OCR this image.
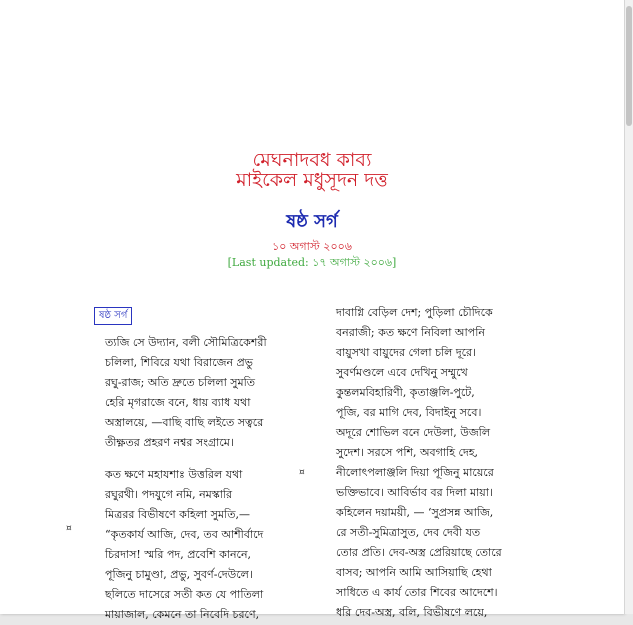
মেঘনাদবধ কাব্য
মাইকেল মধুসূদন দত্ত
ষষ্ঠ সর্গ
১০ অগাস্ট ২০০৬
[Last updated: ১৭ অগাস্ট ২০০৬]
ষষ্ঠ সর্গ

ত্যজি সে উদ্যান, বলী সৌমিত্রিকেশরী

চলিলা, শিবিরে যথা বিরাজেন প্রভু

রঘু-রাজ; অতি দ্রুতে চলিলা সুমতি

হেরি মৃগরাজে বনে, ধায় ব্যাধ যথা

অস্ত্রালয়ে, —বাছি বাছি লইতে সত্বরে

তীক্ষ্ণতর প্রহরণ নশ্বর সংগ্রামে।

কত ক্ষণে মহাযশাঃ উত্তরিল যথা

রঘুরথী। পদযুগে নমি, নমস্কারি

মিত্ররর বিভীষণে কহিলা সুমতি,—

“কৃতকার্য আজি, দেব, তব আশীর্বাদে

চিরদাস! স্মরি পদ, প্রবেশি কাননে,

পূজিনু চামুণ্ডা, প্রভু, সুবর্ণ-দেউলে।

ছলিতে দাসেরে সতী কত যে পাতিলা

মায়াজাল, কেমনে তা নিবেদি চরণে,

দাবাগ্নি বেড়িল দেশ; পুড়িলা চৌদিকে

বনরাজী; কত ক্ষণে নিবিলা আপনি

বায়ুসখা বায়ুদের গেলা চলি দূরে।

সুবর্ণমণ্ডলে এবে দেখিনু সম্মুখে

কুন্তলমবিহারিণী, কৃতাঞ্জলি-পুটে,

পূজি, বর মাগি দেব, বিদাইনু সবে।

অদূরে শোভিল বনে দেউলা, উজলি

সুদেশ। সরসে পশি, অবগাহি দেহ,

নীলোৎপলাঞ্জলি দিয়া পূজিনু মায়েরে

ভক্তিভাবে। আবির্ভাব বর দিলা মায়া।

কহিলেন দয়াময়ী, — ‘সুপ্রসন্ন আজি,

রে সতী-সুমিত্রাসুত, দেব দেবী যত

তোর প্রতি। দেব-অস্ত্র প্রেরিয়াছে তোরে

বাসব; আপনি আমি আসিয়াছি হেথা

সাধিতে এ কার্য তোর শিবের আদেশে।

ধরি দেব-অস্ত্র, বলি, বিভীষণে লয়ে,

¤
¤
